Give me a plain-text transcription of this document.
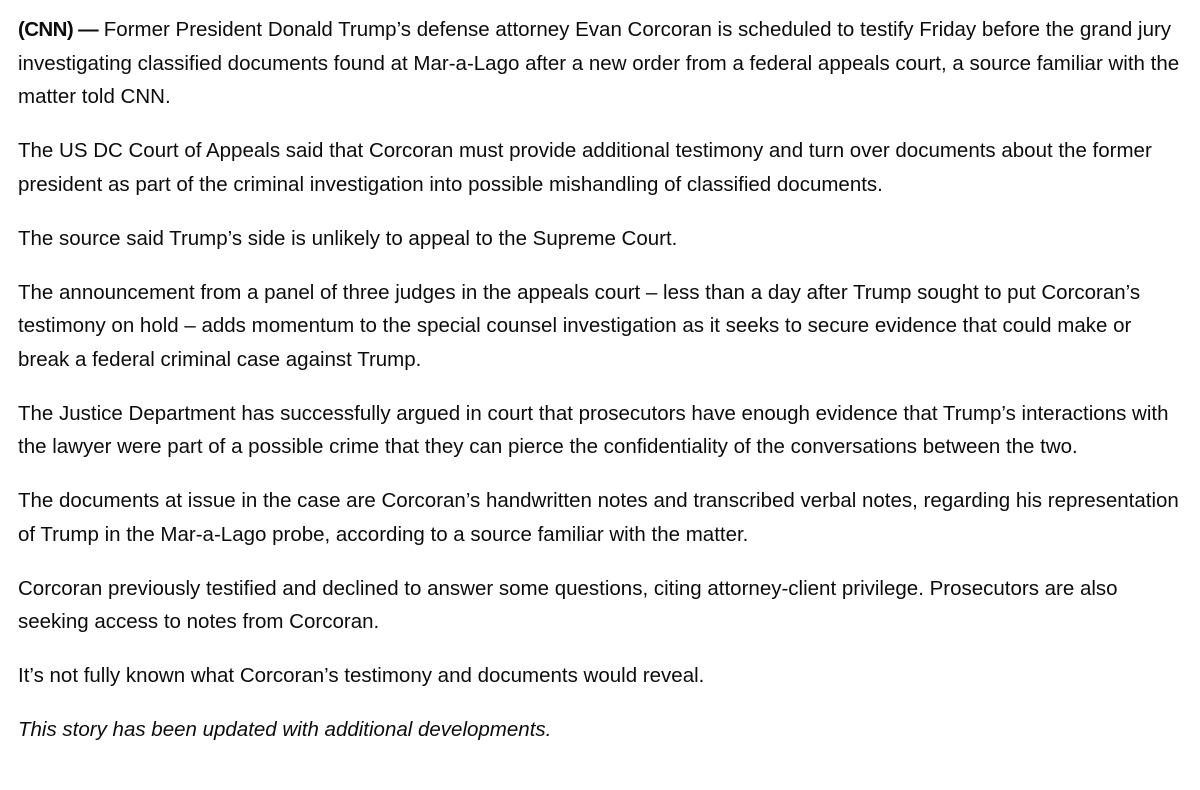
(CNN) — Former President Donald Trump’s defense attorney Evan Corcoran is scheduled to testify Friday before the grand jury investigating classified documents found at Mar-a-Lago after a new order from a federal appeals court, a source familiar with the matter told CNN.

The US DC Court of Appeals said that Corcoran must provide additional testimony and turn over documents about the former president as part of the criminal investigation into possible mishandling of classified documents.

The source said Trump’s side is unlikely to appeal to the Supreme Court.

The announcement from a panel of three judges in the appeals court – less than a day after Trump sought to put Corcoran’s testimony on hold – adds momentum to the special counsel investigation as it seeks to secure evidence that could make or break a federal criminal case against Trump.

The Justice Department has successfully argued in court that prosecutors have enough evidence that Trump’s interactions with the lawyer were part of a possible crime that they can pierce the confidentiality of the conversations between the two.

The documents at issue in the case are Corcoran’s handwritten notes and transcribed verbal notes, regarding his representation of Trump in the Mar-a-Lago probe, according to a source familiar with the matter.

Corcoran previously testified and declined to answer some questions, citing attorney-client privilege. Prosecutors are also seeking access to notes from Corcoran.

It’s not fully known what Corcoran’s testimony and documents would reveal.

This story has been updated with additional developments.
